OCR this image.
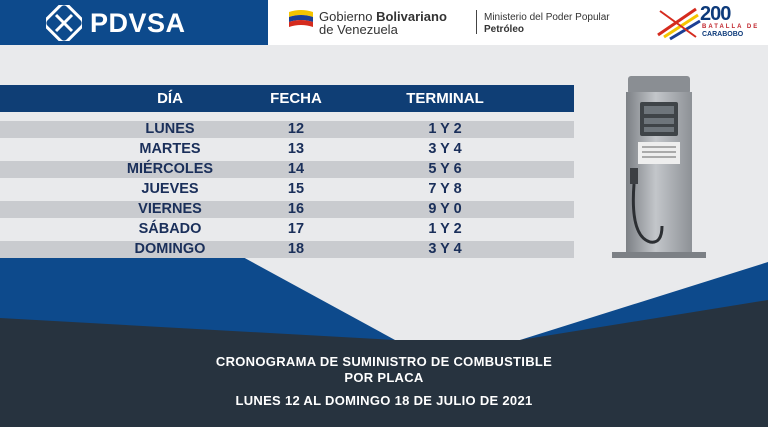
PDVSA	Gobierno Bolivariano
de Venezuela
Ministerio del Poder Popular
Petróleo
200
BATALLA DE
CARABOBO
DÍA	FECHA	TERMINAL
LUNES	12	1 Y 2
MARTES	13	3 Y 4
MIÉRCOLES	14	5 Y 6
JUEVES	15	7 Y 8
VIERNES	16	9 Y 0
SÁBADO	17	1 Y 2
DOMINGO	18	3 Y 4
CRONOGRAMA DE SUMINISTRO DE COMBUSTIBLE
POR PLACA
LUNES 12 AL DOMINGO 18 DE JULIO DE 2021
